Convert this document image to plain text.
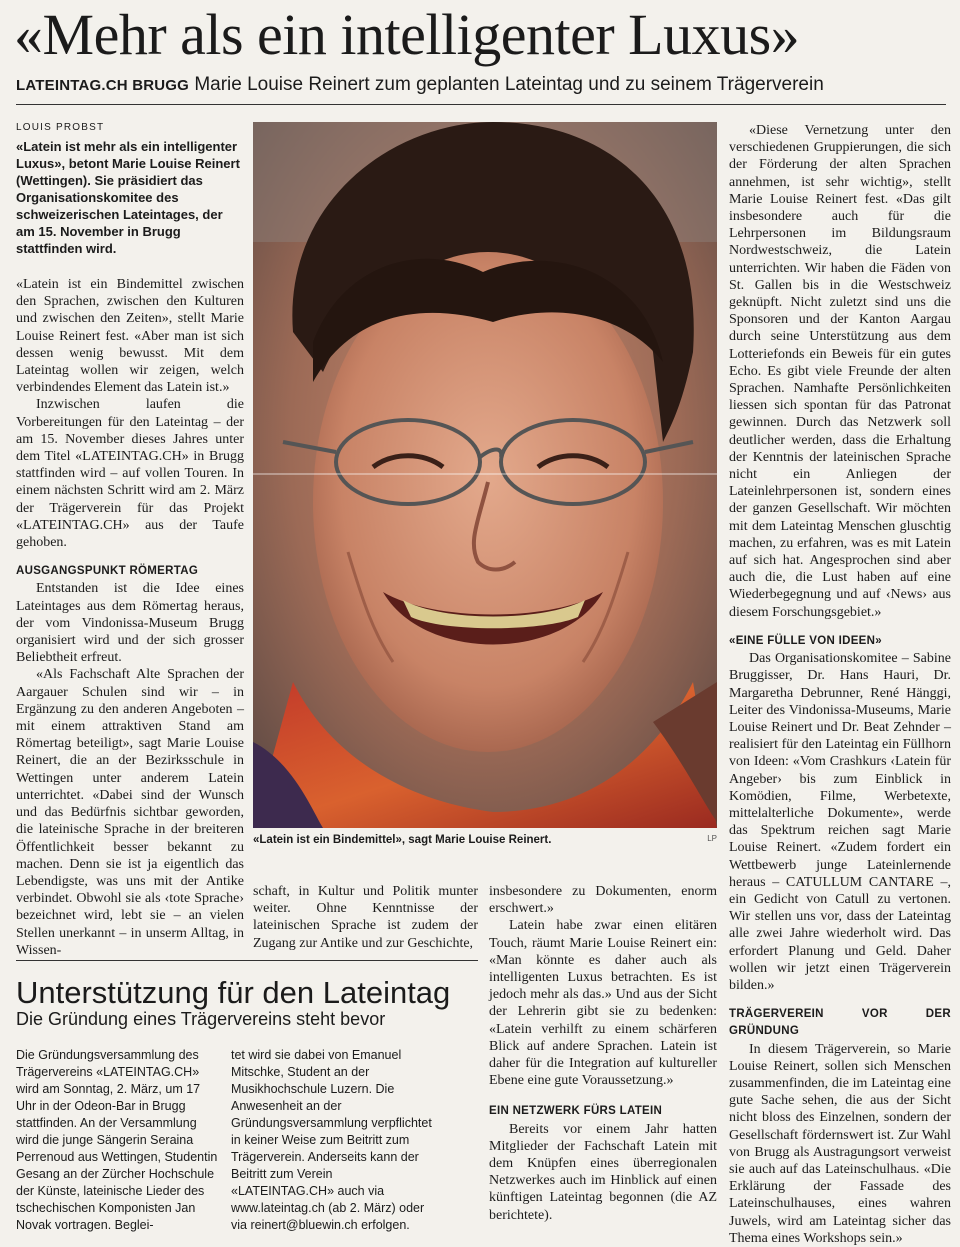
«Mehr als ein intelligenter Luxus»
LATEINTAG.CH BRUGG Marie Louise Reinert zum geplanten Lateintag und zu seinem Trägerverein
LOUIS PROBST
«Latein ist mehr als ein intelligenter Luxus», betont Marie Louise Reinert (Wettingen). Sie präsidiert das Organisationskomitee des schweizerischen Lateintages, der am 15. November in Brugg stattfinden wird.

«Latein ist ein Bindemittel zwischen den Sprachen, zwischen den Kulturen und zwischen den Zeiten», stellt Marie Louise Reinert fest. «Aber man ist sich dessen wenig bewusst. Mit dem Lateintag wollen wir zeigen, welch verbindendes Element das Latein ist.»

Inzwischen laufen die Vorbereitungen für den Lateintag – der am 15. November dieses Jahres unter dem Titel «LATEINTAG.CH» in Brugg stattfinden wird – auf vollen Touren. In einem nächsten Schritt wird am 2. März der Trägerverein für das Projekt «LATEINTAG.CH» aus der Taufe gehoben.

AUSGANGSPUNKT RÖMERTAG

Entstanden ist die Idee eines Lateintages aus dem Römertag heraus, der vom Vindonissa-Museum Brugg organisiert wird und der sich grosser Beliebtheit erfreut.

«Als Fachschaft Alte Sprachen der Aargauer Schulen sind wir – in Ergänzung zu den anderen Angeboten – mit einem attraktiven Stand am Römertag beteiligt», sagt Marie Louise Reinert, die an der Bezirksschule in Wettingen unter anderem Latein unterrichtet. «Dabei sind der Wunsch und das Bedürfnis sichtbar geworden, die lateinische Sprache in der breiteren Öffentlichkeit besser bekannt zu machen. Denn sie ist ja eigentlich das Lebendigste, was uns mit der Antike verbindet. Obwohl sie als ‹tote Sprache› bezeichnet wird, lebt sie – an vielen Stellen unerkannt – in unserm Alltag, in Wissen-

«Latein ist ein Bindemittel», sagt Marie Louise Reinert.	LP

schaft, in Kultur und Politik munter weiter. Ohne Kenntnisse der lateinischen Sprache ist zudem der Zugang zur Antike und zur Geschichte,

insbesondere zu Dokumenten, enorm erschwert.»

Latein habe zwar einen elitären Touch, räumt Marie Louise Reinert ein: «Man könnte es daher auch als intelligenten Luxus betrachten. Es ist jedoch mehr als das.» Und aus der Sicht der Lehrerin gibt sie zu bedenken: «Latein verhilft zu einem schärferen Blick auf andere Sprachen. Latein ist daher für die Integration auf kultureller Ebene eine gute Voraussetzung.»

EIN NETZWERK FÜRS LATEIN

Bereits vor einem Jahr hatten Mitglieder der Fachschaft Latein mit dem Knüpfen eines überregionalen Netzwerkes auch im Hinblick auf einen künftigen Lateintag begonnen (die AZ berichtete).

«Diese Vernetzung unter den verschiedenen Gruppierungen, die sich der Förderung der alten Sprachen annehmen, ist sehr wichtig», stellt Marie Louise Reinert fest. «Das gilt insbesondere auch für die Lehrpersonen im Bildungsraum Nordwestschweiz, die Latein unterrichten. Wir haben die Fäden von St. Gallen bis in die Westschweiz geknüpft. Nicht zuletzt sind uns die Sponsoren und der Kanton Aargau durch seine Unterstützung aus dem Lotteriefonds ein Beweis für ein gutes Echo. Es gibt viele Freunde der alten Sprachen. Namhafte Persönlichkeiten liessen sich spontan für das Patronat gewinnen. Durch das Netzwerk soll deutlicher werden, dass die Erhaltung der Kenntnis der lateinischen Sprache nicht ein Anliegen der Lateinlehrpersonen ist, sondern eines der ganzen Gesellschaft. Wir möchten mit dem Lateintag Menschen gluschtig machen, zu erfahren, was es mit Latein auf sich hat. Angesprochen sind aber auch die, die Lust haben auf eine Wiederbegegnung und auf ‹News› aus diesem Forschungsgebiet.»

«EINE FÜLLE VON IDEEN»

Das Organisationskomitee – Sabine Bruggisser, Dr. Hans Hauri, Dr. Margaretha Debrunner, René Hänggi, Leiter des Vindonissa-Museums, Marie Louise Reinert und Dr. Beat Zehnder – realisiert für den Lateintag ein Füllhorn von Ideen: «Vom Crashkurs ‹Latein für Angeber› bis zum Einblick in Komödien, Filme, Werbetexte, mittelalterliche Dokumente», werde das Spektrum reichen sagt Marie Louise Reinert. «Zudem fordert ein Wettbewerb junge Lateinlernende heraus – CATULLUM CANTARE –, ein Gedicht von Catull zu vertonen. Wir stellen uns vor, dass der Lateintag alle zwei Jahre wiederholt wird. Das erfordert Planung und Geld. Daher wollen wir jetzt einen Trägerverein bilden.»

TRÄGERVEREIN VOR DER GRÜNDUNG

In diesem Trägerverein, so Marie Louise Reinert, sollen sich Menschen zusammenfinden, die im Lateintag eine gute Sache sehen, die aus der Sicht nicht bloss des Einzelnen, sondern der Gesellschaft fördernswert ist. Zur Wahl von Brugg als Austragungsort verweist sie auch auf das Lateinschulhaus. «Die Erklärung der Fassade des Lateinschulhauses, eines wahren Juwels, wird am Lateintag sicher das Thema eines Workshops sein.»

Unterstützung für den Lateintag
Die Gründung eines Trägervereins steht bevor
Die Gründungsversammlung des Trägervereins «LATEINTAG.CH» wird am Sonntag, 2. März, um 17 Uhr in der Odeon-Bar in Brugg stattfinden. An der Versammlung wird die junge Sängerin Seraina Perrenoud aus Wettingen, Studentin Gesang an der Zürcher Hochschule der Künste, lateinische Lieder des tschechischen Komponisten Jan Novak vortragen. Beglei-
tet wird sie dabei von Emanuel Mitschke, Student an der Musikhochschule Luzern. Die Anwesenheit an der Gründungsversammlung verpflichtet in keiner Weise zum Beitritt zum Trägerverein. Anderseits kann der Beitritt zum Verein «LATEINTAG.CH» auch via www.lateintag.ch (ab 2. März) oder via reinert@bluewin.ch erfolgen.
